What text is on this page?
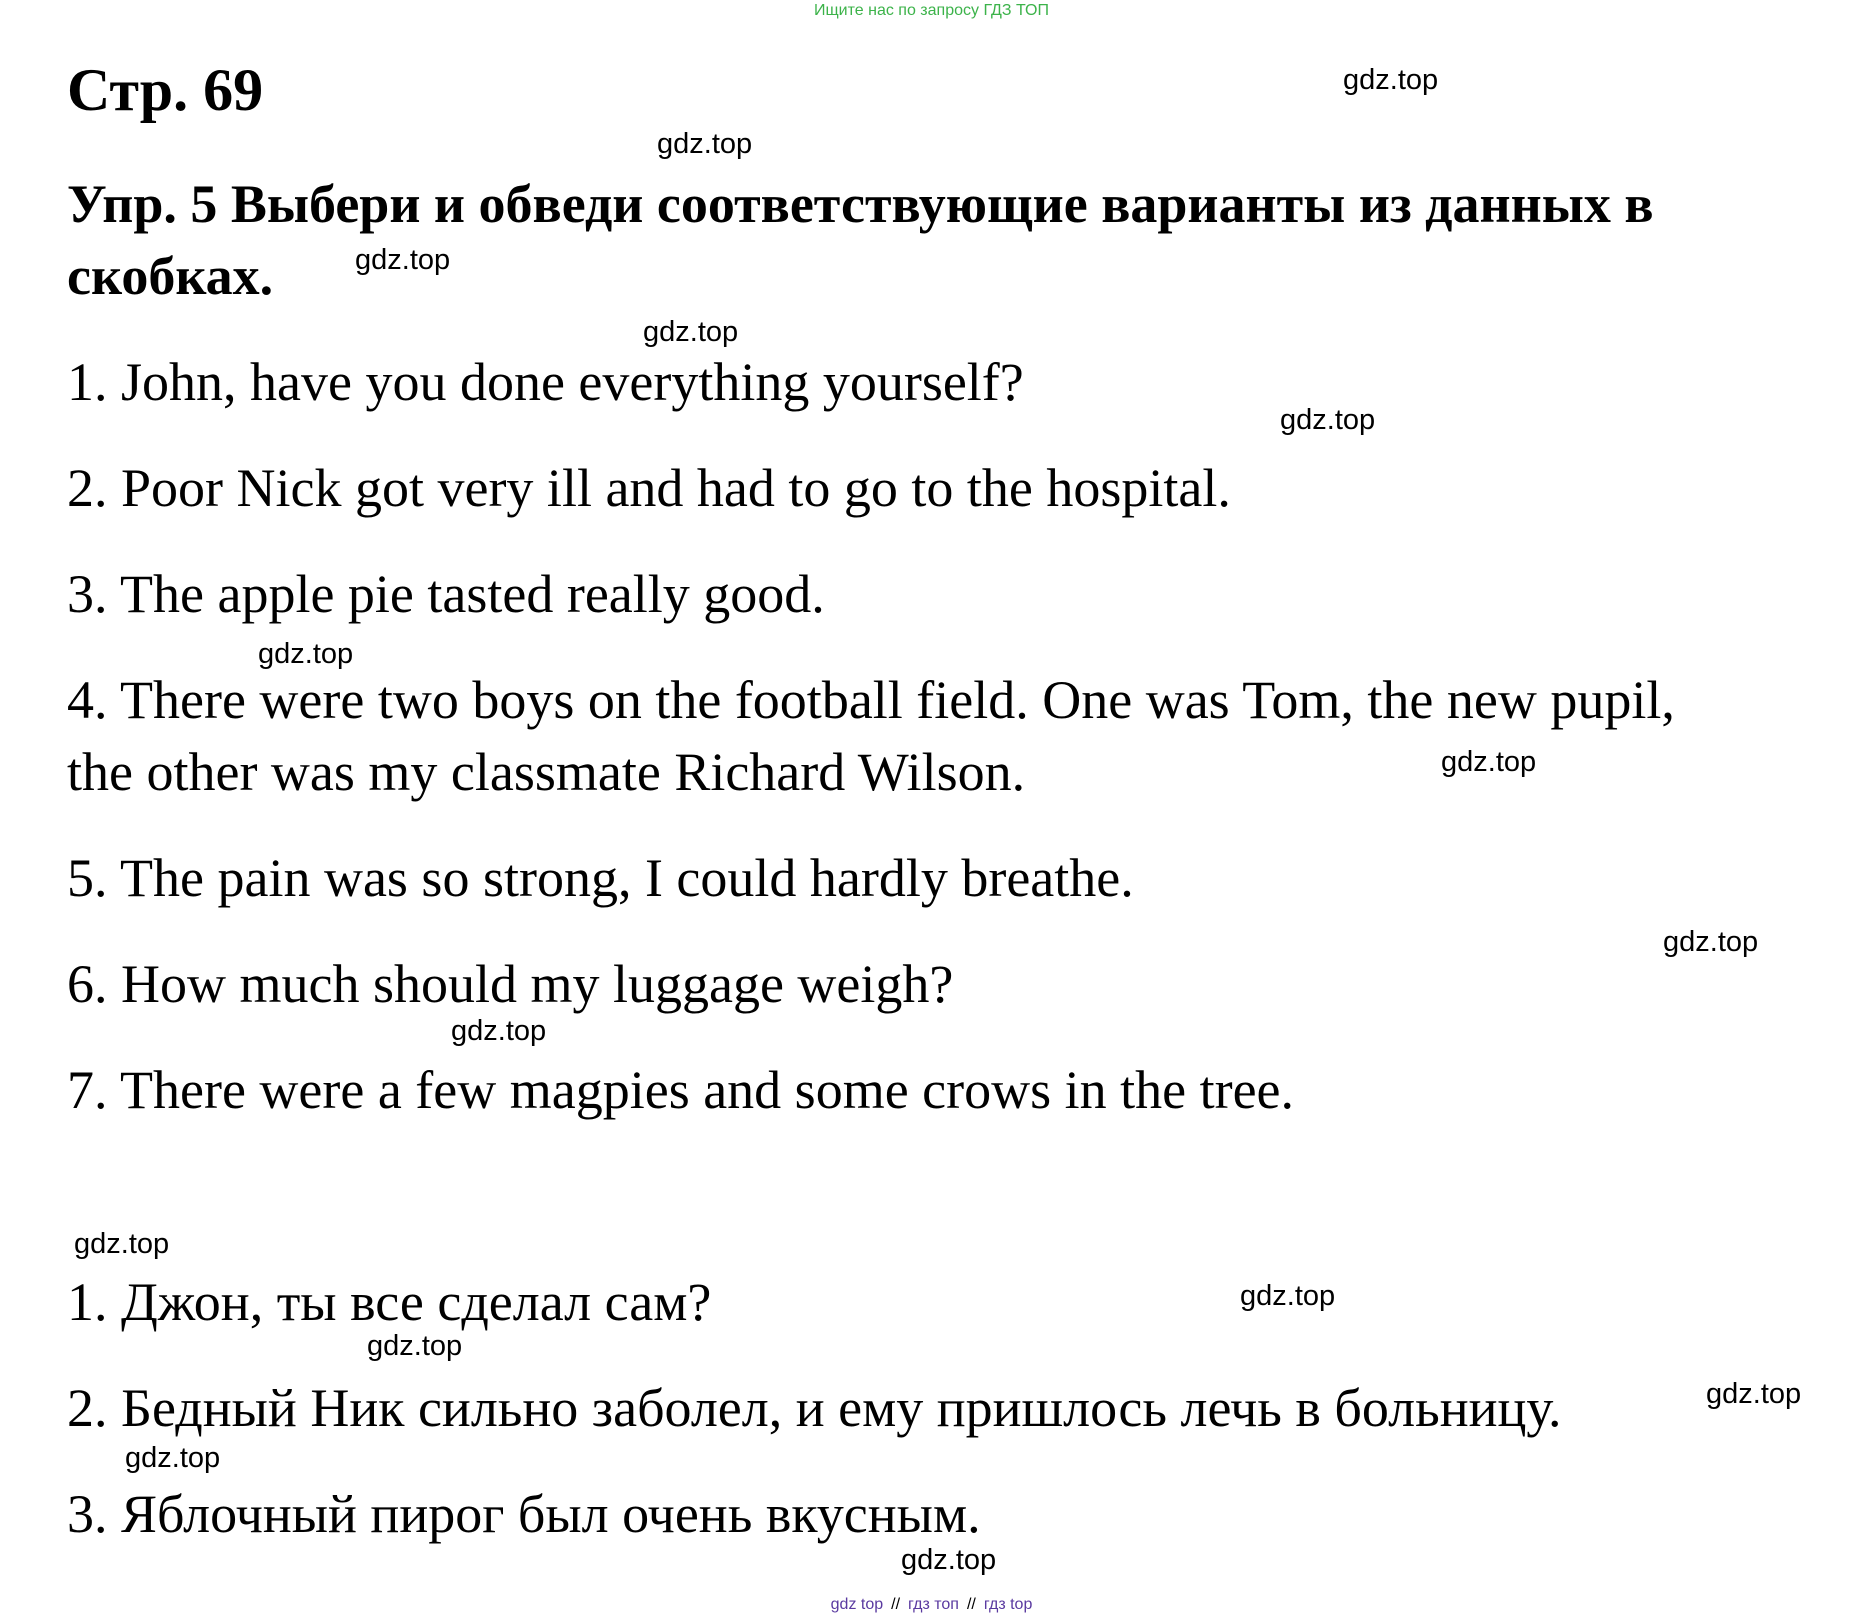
Ищите нас по запросу ГДЗ ТОП
Стр. 69
Упр. 5 Выбери и обведи соответствующие варианты из данных в скобках.
1. John, have you done everything yourself?
2. Poor Nick got very ill and had to go to the hospital.
3. The apple pie tasted really good.
4. There were two boys on the football field. One was Tom, the new pupil,
the other was my classmate Richard Wilson.
5. The pain was so strong, I could hardly breathe.
6. How much should my luggage weigh?
7. There were a few magpies and some crows in the tree.
1. Джон, ты все сделал сам?
2. Бедный Ник сильно заболел, и ему пришлось лечь в больницу.
3. Яблочный пирог был очень вкусным.
gdz.top
gdz.top
gdz.top
gdz.top
gdz.top
gdz.top
gdz.top
gdz.top
gdz.top
gdz.top
gdz.top
gdz.top
gdz.top
gdz.top
gdz.top
gdz top // гдз топ // гдз top
